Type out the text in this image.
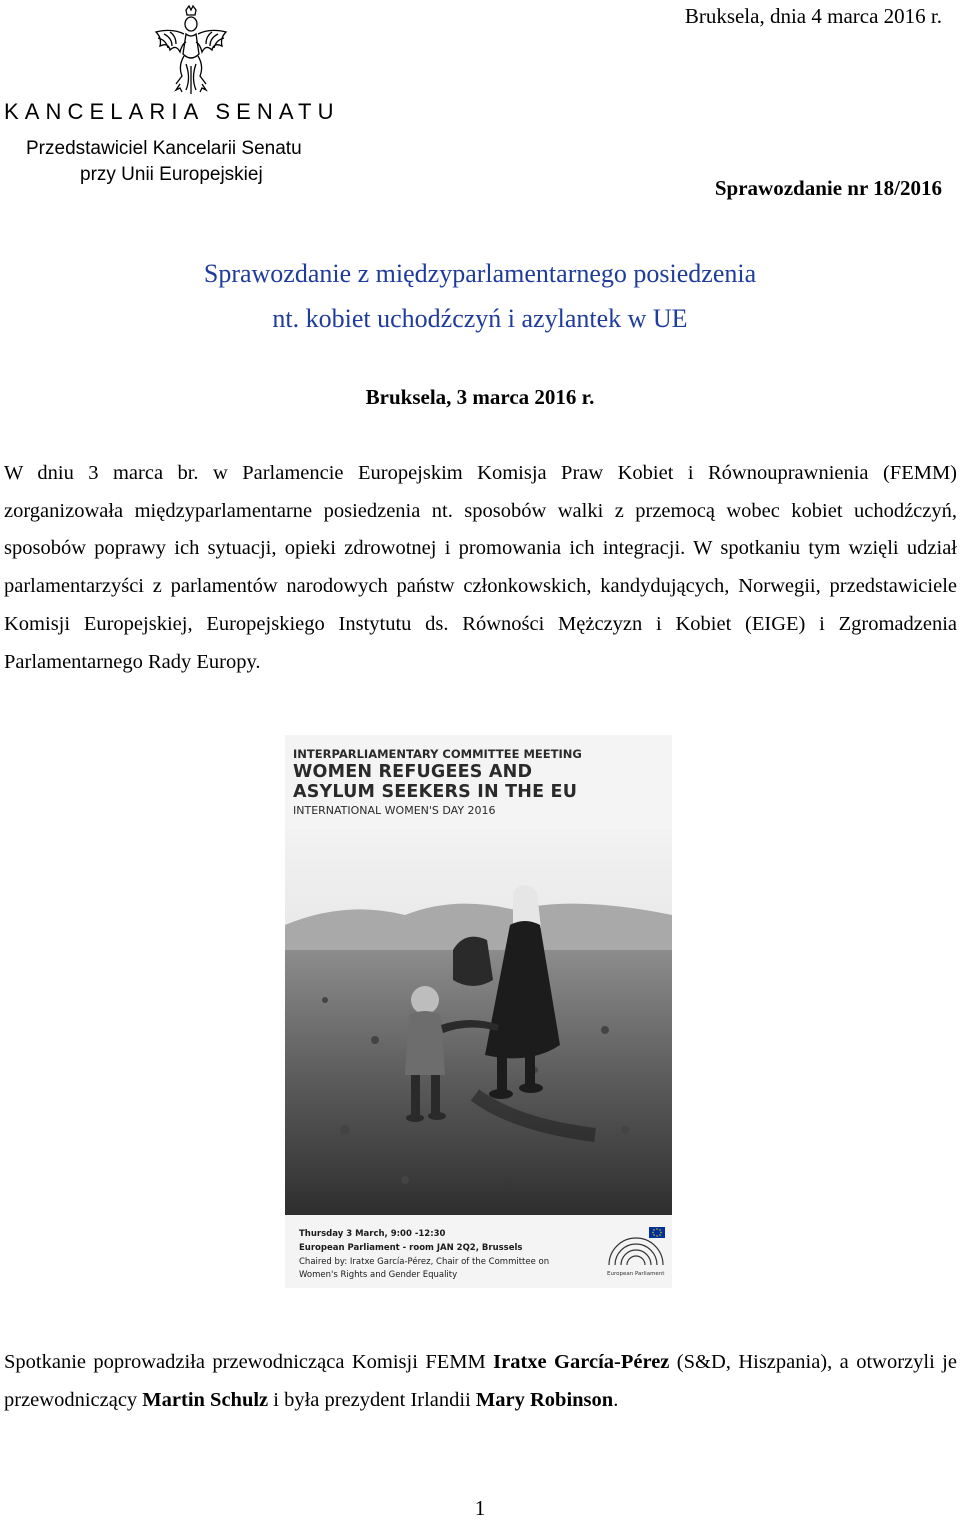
KANCELARIA SENATU
Przedstawiciel Kancelarii Senatu
przy Unii Europejskiej
Bruksela, dnia 4 marca 2016 r.
Sprawozdanie nr 18/2016
Sprawozdanie z międzyparlamentarnego posiedzenia
nt. kobiet uchodźczyń i azylantek w UE
Bruksela, 3 marca 2016 r.
W dniu 3 marca br. w Parlamencie Europejskim Komisja Praw Kobiet i Równouprawnienia (FEMM) zorganizowała międzyparlamentarne posiedzenia nt. sposobów walki z przemocą wobec kobiet uchodźczyń, sposobów poprawy ich sytuacji, opieki zdrowotnej i promowania ich integracji. W spotkaniu tym wzięli udział parlamentarzyści z parlamentów narodowych państw członkowskich, kandydujących, Norwegii, przedstawiciele Komisji Europejskiej, Europejskiego Instytutu ds. Równości Mężczyzn i Kobiet (EIGE) i Zgromadzenia Parlamentarnego Rady Europy.
INTERPARLIAMENTARY COMMITTEE MEETING
WOMEN REFUGEES AND
ASYLUM SEEKERS IN THE EU
INTERNATIONAL WOMEN'S DAY 2016
Thursday 3 March, 9:00 -12:30
European Parliament - room JAN 2Q2, Brussels
Chaired by: Iratxe García-Pérez, Chair of the Committee on
Women's Rights and Gender Equality	European Parliament
Spotkanie poprowadziła przewodnicząca Komisji FEMM Iratxe García-Pérez (S&D, Hiszpania), a otworzyli je przewodniczący Martin Schulz i była prezydent Irlandii Mary Robinson.
1
